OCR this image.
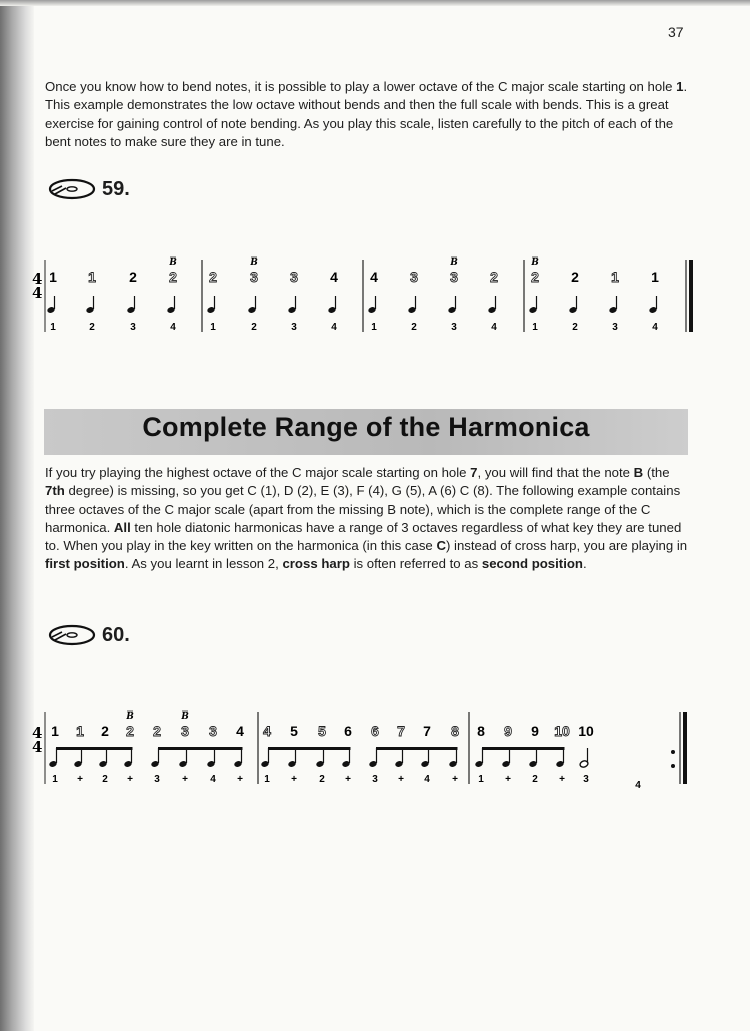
37

Once you know how to bend notes, it is possible to play a lower octave of the C major scale starting on hole 1. This example demonstrates the low octave without bends and then the full scale with bends. This is a great exercise for gaining control of note bending. As you play this scale, listen carefully to the pitch of each of the bent notes to make sure they are in tune.

59.
4
4
1
1
1
2
2
3
B
2
4
2
1
B
3
2
3
3
4
4
4
1
3
2
B
3
3
2
4
B
2
1
2
2
1
3
1
4
Complete Range of the Harmonica

If you try playing the highest octave of the C major scale starting on hole 7, you will find that the note B (the 7th degree) is missing, so you get C (1), D (2), E (3), F (4), G (5), A (6) C (8). The following example contains three octaves of the C major scale (apart from the missing B note), which is the complete range of the C harmonica. All ten hole diatonic harmonicas have a range of 3 octaves regardless of what key they are tuned to. When you play in the key written on the harmonica (in this case C) instead of cross harp, you are playing in first position. As you learnt in lesson 2, cross harp is often referred to as second position.

60.
4
4
1
1
1
+
2
2
B
2
+
2
3
B
3
+
3
4
4
+
4
1
5
+
5
2
6
+
6
3
7
+
7
4
8
+
8
1
9
+
9
2
10
+
10
3
4
